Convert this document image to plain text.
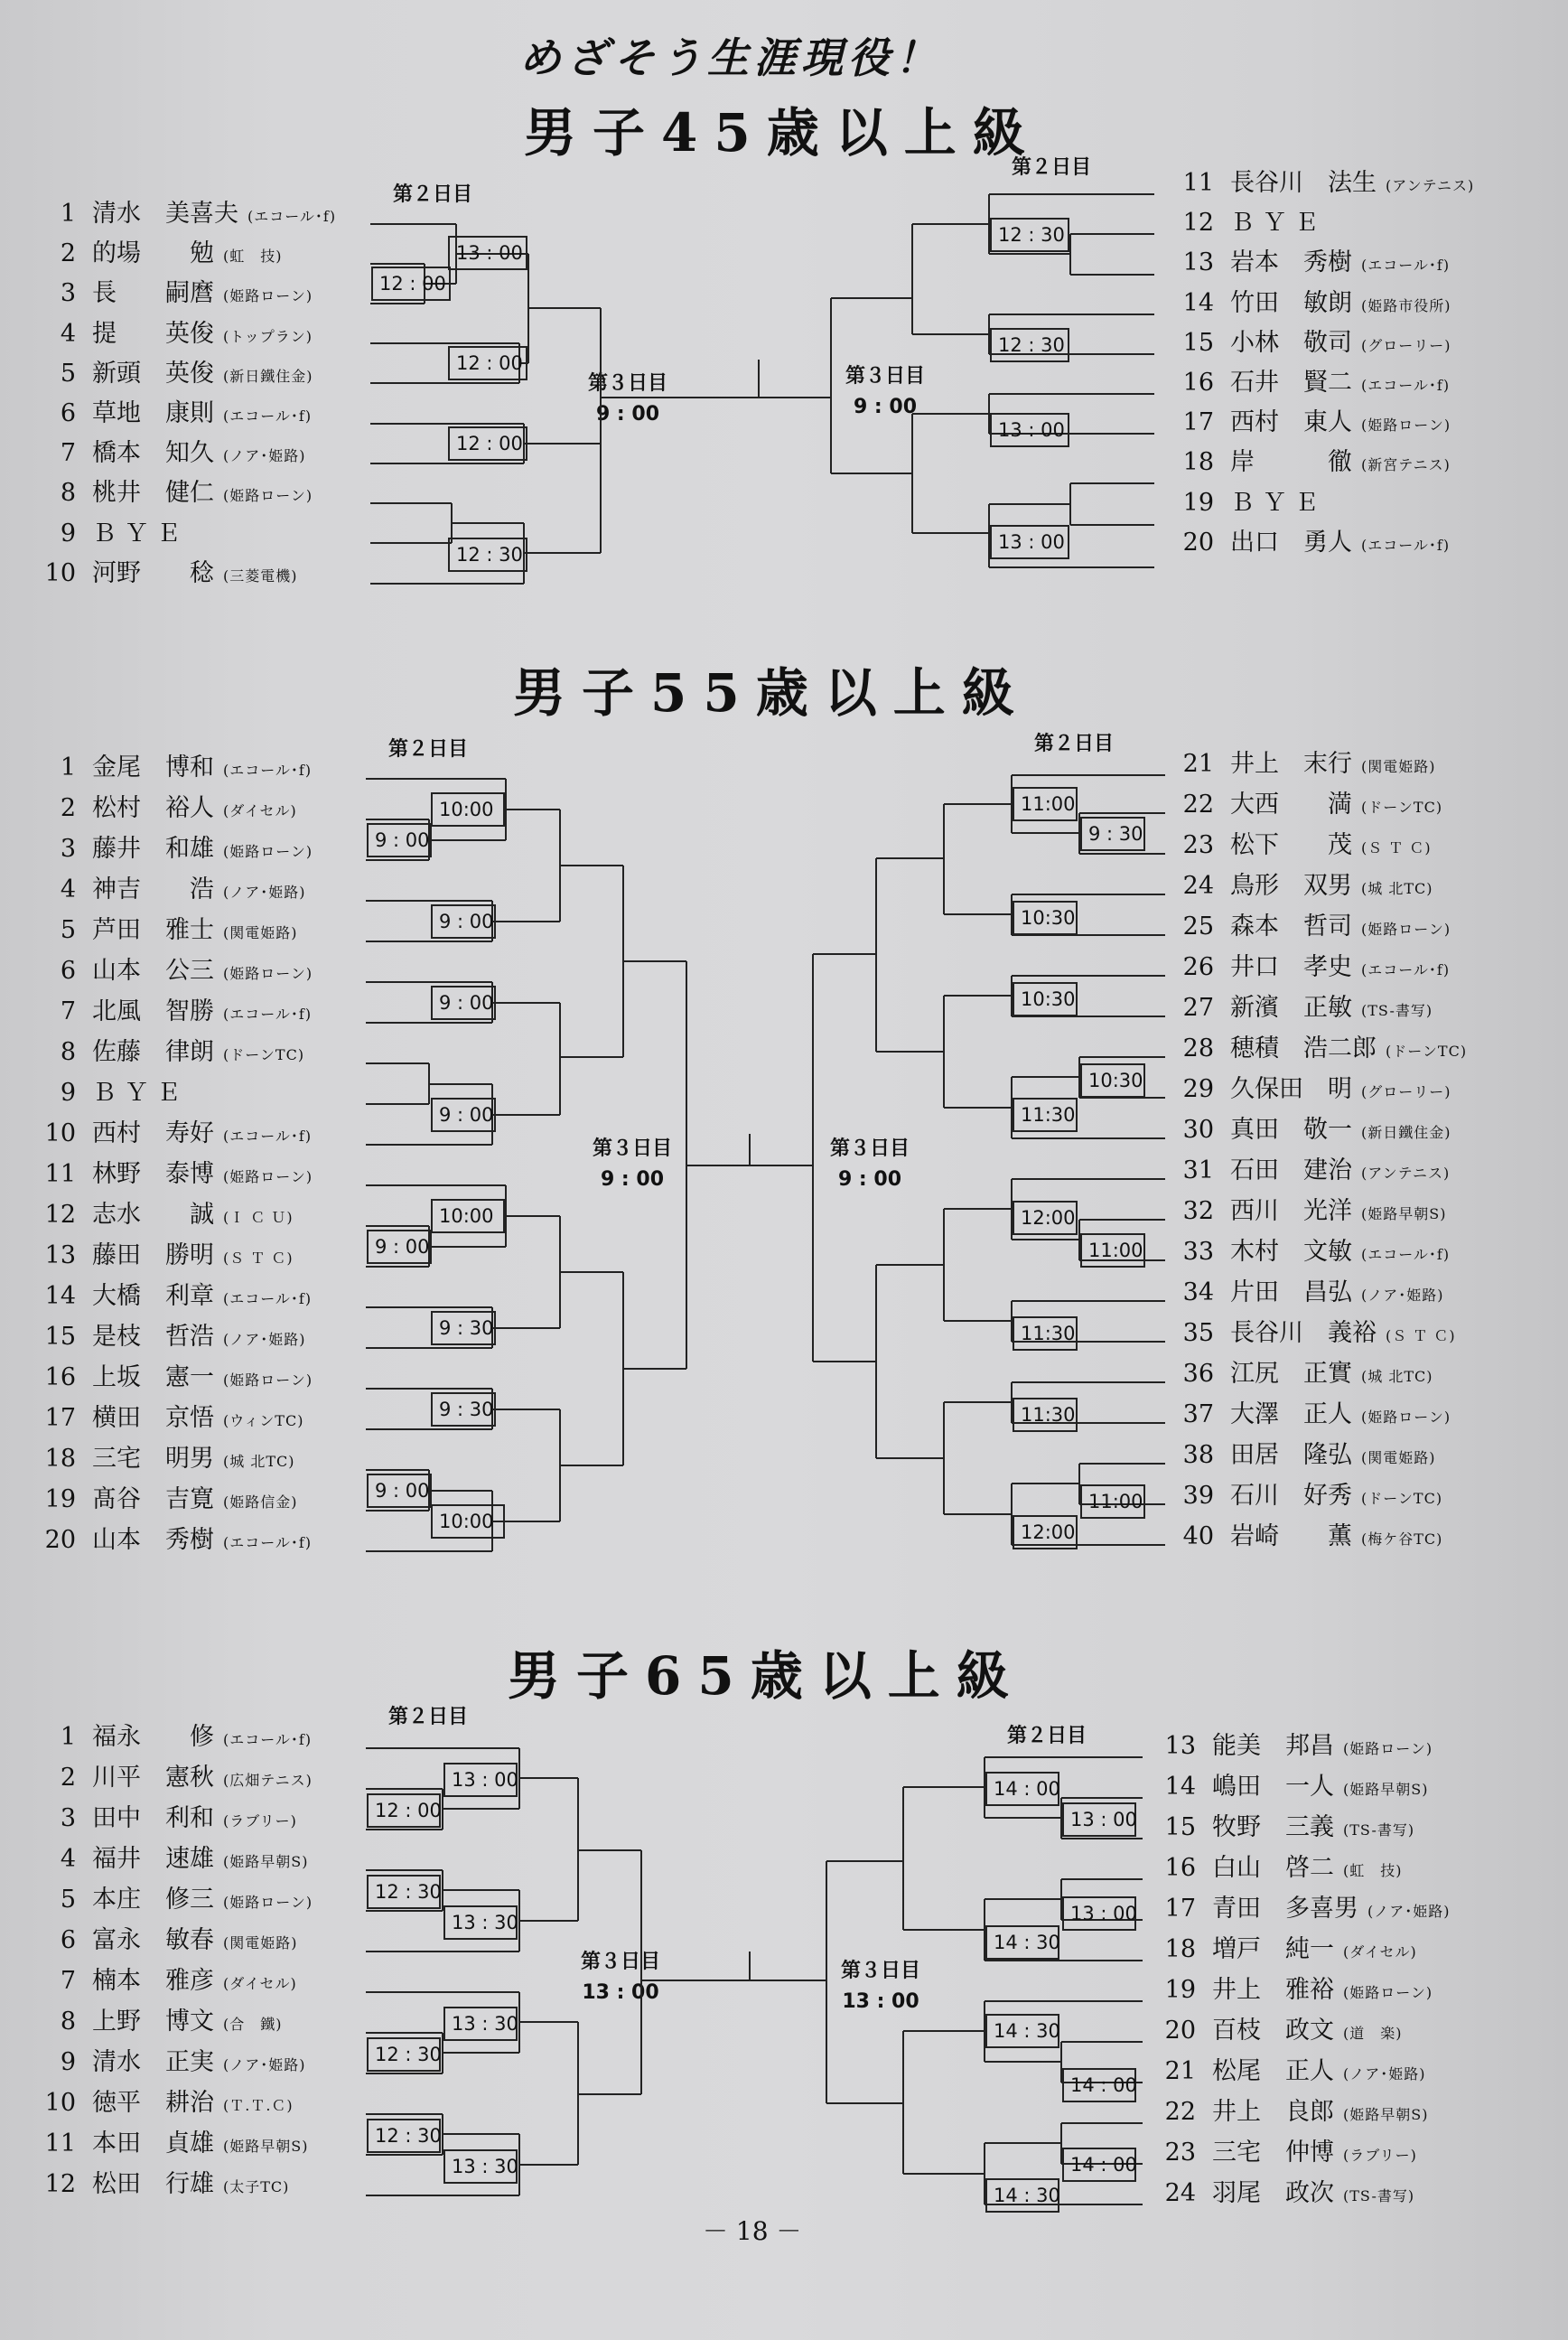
めざそう生涯現役！
男子45歳以上級
男子55歳以上級
男子65歳以上級
第２日目
第２日目
第２日目	第２日目
第２日目
第２日目
第３日目
9 : 00
第３日目
9 : 00
第３日目
9 : 00
第３日目
9 : 00
第３日目
13 : 00
第３日目
13 : 00
－ 18 －
1 清水　美喜夫 (エコール･f)
2 的場　　勉 (虹　技)
3 長　　嗣麿 (姫路ローン)
4 提　　英俊 (トップラン)
5 新頭　英俊 (新日鐵住金)
6 草地　康則 (エコール･f)
7 橋本　知久 (ノア･姫路)
8 桃井　健仁 (姫路ローン)
9 Ｂ Ｙ Ｅ
10 河野　　稔 (三菱電機)
11 長谷川　法生 (アンテニス)
12 Ｂ Ｙ Ｅ
13 岩本　秀樹 (エコール･f)
14 竹田　敏朗 (姫路市役所)
15 小林　敬司 (グローリー)
16 石井　賢二 (エコール･f)
17 西村　東人 (姫路ローン)
18 岸　　　徹 (新宮テニス)
19 Ｂ Ｙ Ｅ
20 出口　勇人 (エコール･f)
1 金尾　博和 (エコール･f)
2 松村　裕人 (ダイセル)
3 藤井　和雄 (姫路ローン)
4 神吉　　浩 (ノア･姫路)
5 芦田　雅士 (関電姫路)
6 山本　公三 (姫路ローン)
7 北風　智勝 (エコール･f)
8 佐藤　律朗 (ドーンTC)
9 Ｂ Ｙ Ｅ
10 西村　寿好 (エコール･f)
11 林野　泰博 (姫路ローン)
12 志水　　誠 (Ｉ Ｃ Ｕ)
13 藤田　勝明 (Ｓ Ｔ Ｃ)
14 大橋　利章 (エコール･f)
15 是枝　哲浩 (ノア･姫路)
16 上坂　憲一 (姫路ローン)
17 横田　京悟 (ウィンTC)
18 三宅　明男 (城 北TC)
19 髙谷　吉寛 (姫路信金)
20 山本　秀樹 (エコール･f)
21 井上　末行 (関電姫路)
22 大西　　満 (ドーンTC)
23 松下　　茂 (Ｓ Ｔ Ｃ)
24 鳥形　双男 (城 北TC)
25 森本　哲司 (姫路ローン)
26 井口　孝史 (エコール･f)
27 新濱　正敏 (TS-書写)
28 穂積　浩二郎 (ドーンTC)
29 久保田　明 (グローリー)
30 真田　敬一 (新日鐵住金)
31 石田　建治 (アンテニス)
32 西川　光洋 (姫路早朝S)
33 木村　文敏 (エコール･f)
34 片田　昌弘 (ノア･姫路)
35 長谷川　義裕 (Ｓ Ｔ Ｃ)
36 江尻　正實 (城 北TC)
37 大澤　正人 (姫路ローン)
38 田居　隆弘 (関電姫路)
39 石川　好秀 (ドーンTC)
40 岩崎　　薫 (梅ケ谷TC)
1 福永　　修 (エコール･f)
2 川平　憲秋 (広畑テニス)
3 田中　利和 (ラブリー)
4 福井　速雄 (姫路早朝S)
5 本庄　修三 (姫路ローン)
6 富永　敏春 (関電姫路)
7 楠本　雅彦 (ダイセル)
8 上野　博文 (合　鐵)
9 清水　正実 (ノア･姫路)
10 徳平　耕治 (Ｔ.Ｔ.Ｃ)
11 本田　貞雄 (姫路早朝S)
12 松田　行雄 (太子TC)
13 能美　邦昌 (姫路ローン)
14 嶋田　一人 (姫路早朝S)
15 牧野　三義 (TS-書写)
16 白山　啓二 (虹　技)
17 青田　多喜男 (ノア･姫路)
18 増戸　純一 (ダイセル)
19 井上　雅裕 (姫路ローン)
20 百枝　政文 (道　楽)
21 松尾　正人 (ノア･姫路)
22 井上　良郎 (姫路早朝S)
23 三宅　仲博 (ラブリー)
24 羽尾　政次 (TS-書写)
12 : 00
13 : 00
12 : 00
12 : 00
12 : 30
12 : 30
12 : 30
13 : 00
13 : 00
10:00
9 : 00
9 : 00
9 : 00
9 : 00
10:00
9 : 00
9 : 30
9 : 30
9 : 00
10:00
11:00
9 : 30
10:30
10:30
10:30
11:30
12:00
11:00
11:30
11:30
11:00
12:00
13 : 00
12 : 00
12 : 30
13 : 30
13 : 30
12 : 30
12 : 30
13 : 30
14 : 00
13 : 00
13 : 00
14 : 30
14 : 30
14 : 00
14 : 00
14 : 30
